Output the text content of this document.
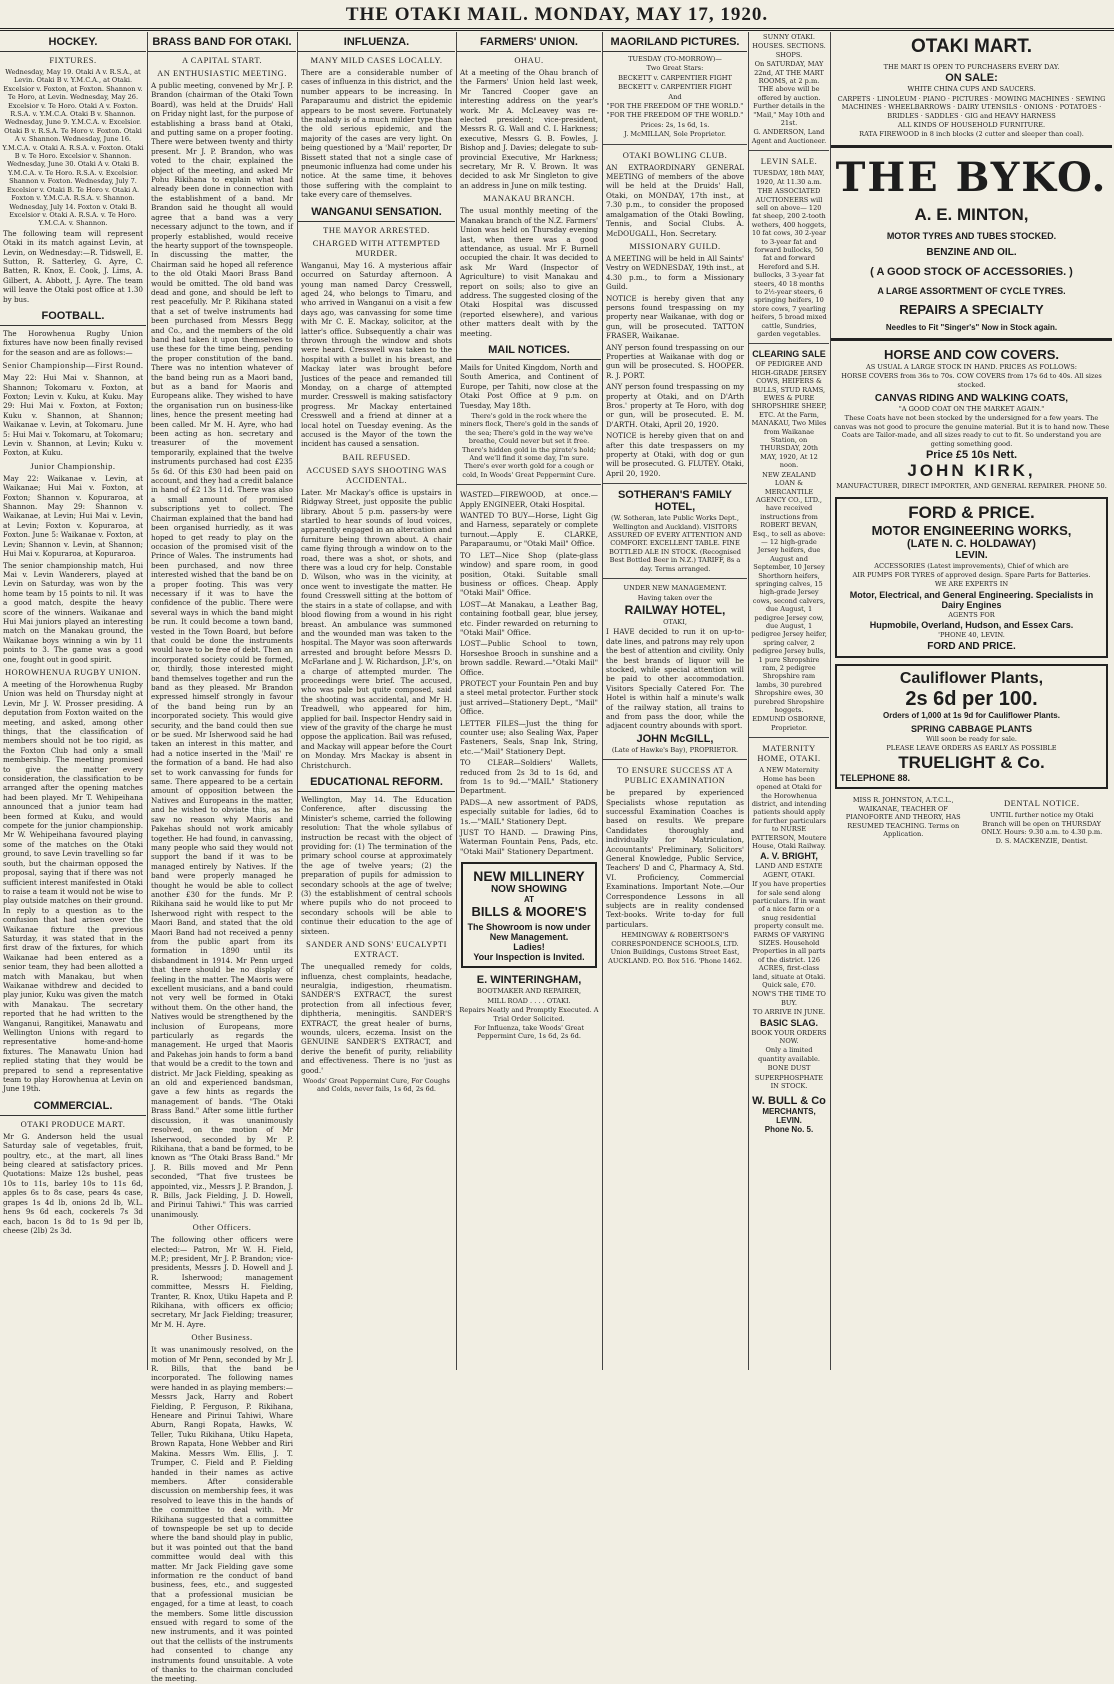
THE OTAKI MAIL. MONDAY, MAY 17, 1920.
HOCKEY.
FIXTURES.

Wednesday, May 19. Otaki A v. R.S.A., at Levin. Otaki B v. Y.M.C.A., at Otaki. Excelsior v. Foxton, at Foxton. Shannon v. Te Horo, at Levin. Wednesday, May 26. Excelsior v. Te Horo. Otaki A v. Foxton. R.S.A. v. Y.M.C.A. Otaki B v. Shannon. Wednesday, June 9. Y.M.C.A. v. Excelsior. Otaki B v. R.S.A. Te Horo v. Foxton. Otaki A v. Shannon. Wednesday, June 16. Y.M.C.A. v. Otaki A. R.S.A. v. Foxton. Otaki B v. Te Horo. Excelsior v. Shannon. Wednesday, June 30. Otaki A v. Otaki B. Y.M.C.A. v. Te Horo. R.S.A. v. Excelsior. Shannon v. Foxton. Wednesday, July 7. Excelsior v. Otaki B. Te Horo v. Otaki A. Foxton v. Y.M.C.A. R.S.A. v. Shannon. Wednesday, July 14. Foxton v. Otaki B. Excelsior v. Otaki A. R.S.A. v. Te Horo. Y.M.C.A. v. Shannon.

The following team will represent Otaki in its match against Levin, at Levin, on Wednesday:—R. Tidswell, E. Sutton, R. Satterley, G. Ayre, C. Batten, R. Knox, E. Cook, J. Lims, A. Gilbert, A. Abbott, J. Ayre. The team will leave the Otaki post office at 1.30 by bus.

FOOTBALL.

The Horowhenua Rugby Union fixtures have now been finally revised for the season and are as follows:—

Senior Championship—First Round.

May 22: Hui Mai v. Shannon, at Shannon; Tokomaru v. Foxton, at Foxton; Levin v. Kuku, at Kuku. May 29: Hui Mai v. Foxton, at Foxton; Kuku v. Shannon, at Shannon; Waikanae v. Levin, at Tokomaru. June 5: Hui Mai v. Tokomaru, at Tokomaru; Levin v. Shannon, at Levin; Kuku v. Foxton, at Kuku.

Junior Championship.

May 22: Waikanae v. Levin, at Waikanae; Hui Mai v. Foxton, at Foxton; Shannon v. Kopuraroa, at Shannon. May 29: Shannon v. Waikanae, at Levin; Hui Mai v. Levin, at Levin; Foxton v. Kopuraroa, at Foxton. June 5: Waikanae v. Foxton, at Levin; Shannon v. Levin, at Shannon; Hui Mai v. Kopuraroa, at Kopuraroa.

The senior championship match, Hui Mai v. Levin Wanderers, played at Levin on Saturday, was won by the home team by 15 points to nil. It was a good match, despite the heavy score of the winners. Waikanae and Hui Mai juniors played an interesting match on the Manakau ground, the Waikanae boys winning a win by 11 points to 3. The game was a good one, fought out in good spirit.

HOROWHENUA RUGBY UNION.

A meeting of the Horowhenua Rugby Union was held on Thursday night at Levin, Mr J. W. Prosser presiding. A deputation from Foxton waited on the meeting, and asked, among other things, that the classification of members should not be too rigid, as the Foxton Club had only a small membership. The meeting promised to give the matter every consideration, the classification to be arranged after the opening matches had been played. Mr T. Wehipeihana announced that a junior team had been formed at Kuku, and would compete for the junior championship. Mr W. Wehipeihana favoured playing some of the matches on the Otaki ground, to save Levin travelling so far south, but the chairman opposed the proposal, saying that if there was not sufficient interest manifested in Otaki to raise a team it would not be wise to play outside matches on their ground. In reply to a question as to the confusion that had arisen over the Waikanae fixture the previous Saturday, it was stated that in the first draw of the fixtures, for which Waikanae had been entered as a senior team, they had been allotted a match with Manakau, but when Waikanae withdrew and decided to play junior, Kuku was given the match with Manakau. The secretary reported that he had written to the Wanganui, Rangitikei, Manawatu and Wellington Unions with regard to representative home-and-home fixtures. The Manawatu Union had replied stating that they would be prepared to send a representative team to play Horowhenua at Levin on June 19th.

COMMERCIAL.
OTAKI PRODUCE MART.

Mr G. Anderson held the usual Saturday sale of vegetables, fruit, poultry, etc., at the mart, all lines being cleared at satisfactory prices. Quotations: Maize 12s bushel, peas 10s to 11s, barley 10s to 11s 6d, apples 6s to 8s case, pears 4s case, grapes 1s 4d lb, onions 2d lb, W.L. hens 9s 6d each, cockerels 7s 3d each, bacon 1s 8d to 1s 9d per lb, cheese (2lb) 2s 3d.

BRASS BAND FOR OTAKI.
A CAPITAL START.
AN ENTHUSIASTIC MEETING.

A public meeting, convened by Mr J. P. Brandon (chairman of the Otaki Town Board), was held at the Druids' Hall on Friday night last, for the purpose of establishing a brass band at Otaki, and putting same on a proper footing. There were between twenty and thirty present. Mr J. P. Brandon, who was voted to the chair, explained the object of the meeting, and asked Mr Pohu Rikihana to explain what had already been done in connection with the establishment of a band. Mr Brandon said he thought all would agree that a band was a very necessary adjunct to the town, and if properly established, would receive the hearty support of the townspeople. In discussing the matter, the Chairman said he hoped all reference to the old Otaki Maori Brass Band would be omitted. The old band was dead and gone, and should be left to rest peacefully. Mr P. Rikihana stated that a set of twelve instruments had been purchased from Messrs Begg and Co., and the members of the old band had taken it upon themselves to use these for the time being, pending the proper constitution of the band. There was no intention whatever of the band being run as a Maori band, but as a band for Maoris and Europeans alike. They wished to have the organisation run on business-like lines, hence the present meeting had been called. Mr M. H. Ayre, who had been acting as hon. secretary and treasurer of the movement temporarily, explained that the twelve instruments purchased had cost £235 5s 6d. Of this £30 had been paid on account, and they had a credit balance in hand of £2 13s 11d. There was also a small amount of promised subscriptions yet to collect. The Chairman explained that the band had been organised hurriedly, as it was hoped to get ready to play on the occasion of the promised visit of the Prince of Wales. The instruments had been purchased, and now three interested wished that the band be on a proper footing. This was very necessary if it was to have the confidence of the public. There were several ways in which the band might be run. It could become a town band, vested in the Town Board, but before that could be done the instruments would have to be free of debt. Then an incorporated society could be formed, or, thirdly, those interested might band themselves together and run the band as they pleased. Mr Brandon expressed himself strongly in favour of the band being run by an incorporated society. This would give security, and the band could then sue or be sued. Mr Isherwood said he had taken an interest in this matter, and had a notice inserted in the 'Mail' re the formation of a band. He had also set to work canvassing for funds for same. There appeared to be a certain amount of opposition between the Natives and Europeans in the matter, and he wished to obviate this, as he saw no reason why Maoris and Pakehas should not work amicably together. He had found, in canvassing, many people who said they would not support the band if it was to be managed entirely by Natives. If the band were properly managed he thought he would be able to collect another £30 for the funds. Mr P. Rikihana said he would like to put Mr Isherwood right with respect to the Maori Band, and stated that the old Maori Band had not received a penny from the public apart from its formation in 1890 until its disbandment in 1914. Mr Penn urged that there should be no display of feeling in the matter. The Maoris were excellent musicians, and a band could not very well be formed in Otaki without them. On the other hand, the Natives would be strengthened by the inclusion of Europeans, more particularly as regards the management. He urged that Maoris and Pakehas join hands to form a band that would be a credit to the town and district. Mr Jack Fielding, speaking as an old and experienced bandsman, gave a few hints as regards the management of bands. "The Otaki Brass Band." After some little further discussion, it was unanimously resolved, on the motion of Mr Isherwood, seconded by Mr P. Rikihana, that a band be formed, to be known as "The Otaki Brass Band." Mr J. R. Bills moved and Mr Penn seconded, "That five trustees be appointed, viz., Messrs J. P. Brandon, J. R. Bills, Jack Fielding, J. D. Howell, and Pirinui Tahiwi." This was carried unanimously.

Other Officers.

The following other officers were elected:— Patron, Mr W. H. Field, M.P.; president, Mr J. P. Brandon; vice-presidents, Messrs J. D. Howell and J. R. Isherwood; management committee, Messrs H. Fielding, Tranter, R. Knox, Utiku Hapeta and P. Rikihana, with officers ex officio; secretary, Mr Jack Fielding; treasurer, Mr M. H. Ayre.

Other Business.

It was unanimously resolved, on the motion of Mr Penn, seconded by Mr J. R. Bills, that the band be incorporated. The following names were handed in as playing members:—Messrs Jack, Harry and Robert Fielding, P. Ferguson, P. Rikihana, Heneare and Pirinui Tahiwi, Whare Aburn, Rangi Ropata, Hawks, W. Teller, Tuku Rikihana, Utiku Hapeta, Brown Rapata, Hone Webber and Riri Makina. Messrs Wm. Ellis, J. T. Trumper, C. Field and P. Fielding handed in their names as active members. After considerable discussion on membership fees, it was resolved to leave this in the hands of the committee to deal with. Mr Rikihana suggested that a committee of townspeople be set up to decide where the band should play in public, but it was pointed out that the band committee would deal with this matter. Mr Jack Fielding gave some information re the conduct of band business, fees, etc., and suggested that a professional musician be engaged, for a time at least, to coach the members. Some little discussion ensued with regard to some of the new instruments, and it was pointed out that the cellists of the instruments had consented to change any instruments found unsuitable. A vote of thanks to the chairman concluded the meeting.

INFLUENZA.
MANY MILD CASES LOCALLY.

There are a considerable number of cases of influenza in this district, and the number appears to be increasing. In Paraparaumu and district the epidemic appears to be most severe. Fortunately the malady is of a much milder type than the old serious epidemic, and the majority of the cases are very light. On being questioned by a 'Mail' reporter, Dr Bissett stated that not a single case of pneumonic influenza had come under his notice. At the same time, it behoves those suffering with the complaint to take every care of themselves.

WANGANUI SENSATION.
THE MAYOR ARRESTED.
CHARGED WITH ATTEMPTED MURDER.

Wanganui, May 16. A mysterious affair occurred on Saturday afternoon. A young man named Darcy Cresswell, aged 24, who belongs to Timaru, and who arrived in Wanganui on a visit a few days ago, was canvassing for some time with Mr C. E. Mackay, solicitor, at the latter's office. Subsequently a chair was thrown through the window and shots were heard. Cresswell was taken to the hospital with a bullet in his breast, and Mackay later was brought before Justices of the peace and remanded till Monday, on a charge of attempted murder. Cresswell is making satisfactory progress. Mr Mackay entertained Cresswell and a friend at dinner at a local hotel on Tuesday evening. As the accused is the Mayor of the town the incident has caused a sensation.

BAIL REFUSED.
ACCUSED SAYS SHOOTING WAS ACCIDENTAL.

Later. Mr Mackay's office is upstairs in Ridgway Street, just opposite the public library. About 5 p.m. passers-by were startled to hear sounds of loud voices, apparently engaged in an altercation and furniture being thrown about. A chair came flying through a window on to the road, there was a shot, or shots, and there was a loud cry for help. Constable D. Wilson, who was in the vicinity, at once went to investigate the matter. He found Cresswell sitting at the bottom of the stairs in a state of collapse, and with blood flowing from a wound in his right breast. An ambulance was summoned and the wounded man was taken to the hospital. The Mayor was soon afterwards arrested and brought before Messrs D. McFarlane and J. W. Richardson, J.P.'s, on a charge of attempted murder. The proceedings were brief. The accused, who was pale but quite composed, said the shooting was accidental, and Mr H. Treadwell, who appeared for him, applied for bail. Inspector Hendry said in view of the gravity of the charge he must oppose the application. Bail was refused, and Mackay will appear before the Court on Monday. Mrs Mackay is absent in Christchurch.

EDUCATIONAL REFORM.

Wellington, May 14. The Education Conference, after discussing the Minister's scheme, carried the following resolution: That the whole syllabus of instruction be recast with the object of providing for: (1) The termination of the primary school course at approximately the age of twelve years; (2) the preparation of pupils for admission to secondary schools at the age of twelve; (3) the establishment of central schools where pupils who do not proceed to secondary schools will be able to continue their education to the age of sixteen.

SANDER AND SONS' EUCALYPTI EXTRACT.

The unequalled remedy for colds, influenza, chest complaints, headache, neuralgia, indigestion, rheumatism. SANDER'S EXTRACT, the surest protection from all infectious fever, diphtheria, meningitis. SANDER'S EXTRACT, the great healer of burns, wounds, ulcers, eczema. Insist on the GENUINE SANDER'S EXTRACT, and derive the benefit of purity, reliability and effectiveness. There is no 'just as good.'

Woods' Great Peppermint Cure, For Coughs and Colds, never fails, 1s 6d, 2s 6d.

FARMERS' UNION.
OHAU.

At a meeting of the Ohau branch of the Farmers' Union held last week, Mr Tancred Cooper gave an interesting address on the year's work. Mr A. McLeavey was re-elected president; vice-president, Messrs R. G. Wall and C. I. Harkness; executive, Messrs G. B. Fowles, J. Bishop and J. Davies; delegate to sub-provincial Executive, Mr Harkness; secretary, Mr R. V. Brown. It was decided to ask Mr Singleton to give an address in June on milk testing.

MANAKAU BRANCH.

The usual monthly meeting of the Manakau branch of the N.Z. Farmers' Union was held on Thursday evening last, when there was a good attendance, as usual. Mr F. Burnell occupied the chair. It was decided to ask Mr Ward (Inspector of Agriculture) to visit Manakau and report on soils; also to give an address. The suggested closing of the Otaki Hospital was discussed (reported elsewhere), and various other matters dealt with by the meeting.

MAIL NOTICES.

Mails for United Kingdom, North and South America, and Continent of Europe, per Tahiti, now close at the Otaki Post Office at 9 p.m. on Tuesday, May 18th.

There's gold in the rock where the miners flock, There's gold in the sands of the sea; There's gold in the way we've breathe, Could never but set it free. There's hidden gold in the pirate's hold; And we'll find it some day, I'm sure. There's ever worth gold for a cough or cold, In Woods' Great Peppermint Cure.

WASTED—FIREWOOD, at once.—Apply ENGINEER, Otaki Hospital.

WANTED TO BUY—Horse, Light Gig and Harness, separately or complete turnout.—Apply E. CLARKE, Paraparaumu, or "Otaki Mail" Office.

TO LET—Nice Shop (plate-glass window) and spare room, in good position, Otaki. Suitable small business or offices. Cheap. Apply "Otaki Mail" Office.

LOST—At Manakau, a Leather Bag, containing football gear, blue jersey, etc. Finder rewarded on returning to "Otaki Mail" Office.

LOST—Public School to town, Horseshoe Brooch in sunshine and a brown saddle. Reward.—"Otaki Mail" Office.

PROTECT your Fountain Pen and buy a steel metal protector. Further stock just arrived—Stationery Dept., "Mail" Office.

LETTER FILES—Just the thing for counter use; also Sealing Wax, Paper Fasteners, Seals, Snap Ink, String, etc.—"Mail" Stationery Dept.

TO CLEAR—Soldiers' Wallets, reduced from 2s 3d to 1s 6d, and from 1s to 9d.—"MAIL" Stationery Department.

PADS—A new assortment of PADS, especially suitable for ladies, 6d to 1s.—"MAIL" Stationery Dept.

JUST TO HAND. — Drawing Pins, Waterman Fountain Pens, Pads, etc. "Otaki Mail" Stationery Department.

NEW MILLINERY
NOW SHOWING
AT
BILLS & MOORE'S
The Showroom is now under New Management.
Ladies!
Your Inspection is Invited.
E. WINTERINGHAM,

BOOTMAKER AND REPAIRER,

MILL ROAD . . . . OTAKI.

Repairs Neatly and Promptly Executed. A Trial Order Solicited.

For Influenza, take Woods' Great Peppermint Cure, 1s 6d, 2s 6d.

MAORILAND PICTURES.

TUESDAY (TO-MORROW)—

Two Great Stars:

BECKETT v. CARPENTIER FIGHT

BECKETT v. CARPENTIER FIGHT

And

"FOR THE FREEDOM OF THE WORLD."

"FOR THE FREEDOM OF THE WORLD."

Prices: 2s, 1s 6d, 1s.

J. McMILLAN, Sole Proprietor.

OTAKI BOWLING CLUB.

AN EXTRAORDINARY GENERAL MEETING of members of the above will be held at the Druids' Hall, Otaki, on MONDAY, 17th inst., at 7.30 p.m., to consider the proposed amalgamation of the Otaki Bowling, Tennis, and Social Clubs. A. McDOUGALL, Hon. Secretary.

MISSIONARY GUILD.

A MEETING will be held in All Saints' Vestry on WEDNESDAY, 19th inst., at 4.30 p.m., to form a Missionary Guild.

NOTICE is hereby given that any persons found trespassing on my property near Waikanae, with dog or gun, will be prosecuted. TATTON FRASER, Waikanae.

ANY person found trespassing on our Properties at Waikanae with dog or gun will be prosecuted. S. HOOPER. R. J. PORT.

ANY person found trespassing on my property at Otaki, and on D'Arth Bros.' property at Te Horo, with dog or gun, will be prosecuted. E. M. D'ARTH. Otaki, April 20, 1920.

NOTICE is hereby given that on and after this date trespassers on my property at Otaki, with dog or gun will be prosecuted. G. FLUTEY. Otaki, April 20, 1920.

SOTHERAN'S FAMILY HOTEL,

(W. Sotheran, late Public Works Dept., Wellington and Auckland). VISITORS ASSURED OF EVERY ATTENTION AND COMFORT. EXCELLENT TABLE. FINE BOTTLED ALE IN STOCK. (Recognised Best Bottled Beer in N.Z.) TARIFF, 8s a day. Terms arranged.

UNDER NEW MANAGEMENT.

Having taken over the

RAILWAY HOTEL,

OTAKI,

I HAVE decided to run it on up-to-date lines, and patrons may rely upon the best of attention and civility. Only the best brands of liquor will be stocked, while special attention will be paid to other accommodation. Visitors Specially Catered For. The Hotel is within half a minute's walk of the railway station, all trains to and from pass the door, while the adjacent country abounds with sport.

JOHN McGILL,

(Late of Hawke's Bay), PROPRIETOR.

TO ENSURE SUCCESS AT A PUBLIC EXAMINATION

be prepared by experienced Specialists whose reputation as successful Examination Coaches is based on results. We prepare Candidates thoroughly and individually for Matriculation, Accountants' Preliminary, Solicitors' General Knowledge, Public Service, Teachers' D and C, Pharmacy A, Std. VI. Proficiency, Commercial Examinations. Important Note.—Our Correspondence Lessons in all subjects are in reality condensed Text-books. Write to-day for full particulars.

HEMINGWAY & ROBERTSON'S CORRESPONDENCE SCHOOLS, LTD. Union Buildings, Customs Street East, AUCKLAND. P.O. Box 516. 'Phone 1462.

SUNNY OTAKI.

HOUSES. SECTIONS. SHOPS.

On SATURDAY, MAY 22nd, AT THE MART ROOMS, at 2 p.m. THE above will be offered by auction. Further details in the "Mail," May 10th and 21st.

G. ANDERSON, Land Agent and Auctioneer.

LEVIN SALE.

TUESDAY, 18th MAY, 1920, At 11.30 a.m.

THE ASSOCIATED AUCTIONEERS will sell on above— 120 fat sheep, 200 2-tooth wethers, 400 hoggets, 10 fat cows, 30 2-year to 3-year fat and forward bullocks, 50 fat and forward Hereford and S.H. bullocks, 3 3-year fat steers, 40 18 months to 2½-year steers, 6 springing heifers, 10 store cows, 7 yearling heifers, 5 broad mixed cattle, Sundries, garden vegetables.

CLEARING SALE

OF PEDIGREE AND HIGH-GRADE JERSEY COWS, HEIFERS & BULLS, STUD RAMS, EWES & PURE SHROPSHIRE SHEEP, ETC. At the Farm, MANAKAU, Two Miles from Waikanae Station, on THURSDAY, 20th MAY, 1920, At 12 noon.

NEW ZEALAND LOAN & MERCANTILE AGENCY CO., LTD., have received instructions from ROBERT BEVAN, Esq., to sell as above:— 12 high-grade Jersey heifers, due August and September, 10 Jersey Shorthorn heifers, springing calves, 15 high-grade Jersey cows, second calvers, due August, 1 pedigree Jersey cow, due August, 1 pedigree Jersey heifer, spring calver, 2 pedigree Jersey bulls, 1 pure Shropshire ram, 2 pedigree Shropshire ram lambs, 30 purebred Shropshire ewes, 30 purebred Shropshire hoggets.

EDMUND OSBORNE, Proprietor.

MATERNITY HOME, OTAKI.

A NEW Maternity Home has been opened at Otaki for the Horowhenua district, and intending patients should apply for further particulars to NURSE PATTERSON, Moutere House, Otaki Railway.

A. V. BRIGHT,

LAND AND ESTATE AGENT, OTAKI.

If you have properties for sale send along particulars. If in want of a nice farm or a snug residential property consult me. FARMS OF VARYING SIZES. Household Properties in all parts of the district. 126 ACRES, first-class land, situate at Otaki. Quick sale, £70.

NOW'S THE TIME TO BUY.

TO ARRIVE IN JUNE.

BASIC SLAG.

BOOK YOUR ORDERS NOW.

Only a limited quantity available.

BONE DUST

SUPERPHOSPHATE IN STOCK.

W. BULL & Co
MERCHANTS,
LEVIN.
Phone No. 5.
OTAKI MART.

THE MART IS OPEN TO PURCHASERS EVERY DAY.

ON SALE:

WHITE CHINA CUPS AND SAUCERS.

CARPETS · LINOLEUM · PIANO · PICTURES · MOWING MACHINES · SEWING MACHINES · WHEELBARROWS · DAIRY UTENSILS · ONIONS · POTATOES · BRIDLES · SADDLES · GIG and HEAVY HARNESS

ALL KINDS OF HOUSEHOLD FURNITURE.

RATA FIREWOOD in 8 inch blocks (2 cutter and sleeper than coal).

THE BYKO.
A. E. MINTON,
MOTOR TYRES AND TUBES STOCKED.
BENZINE AND OIL.
( A GOOD STOCK OF ACCESSORIES. )
A LARGE ASSORTMENT OF CYCLE TYRES.
REPAIRS A SPECIALTY
Needles to Fit "Singer's" Now in Stock again.
HORSE AND COW COVERS.

AS USUAL A LARGE STOCK IN HAND. PRICES AS FOLLOWS:

HORSE COVERS from 36s to 70s. COW COVERS from 17s 6d to 40s. All sizes stocked.

CANVAS RIDING AND WALKING COATS,

"A GOOD COAT ON THE MARKET AGAIN."

These Coats have not been stocked by the undersigned for a few years. The canvas was not good to procure the genuine material. But it is to hand now. These Coats are Tailor-made, and all sizes ready to cut to fit. So understand you are getting something good.

Price £5 10s Nett.
JOHN KIRK,

MANUFACTURER, DIRECT IMPORTER, AND GENERAL REPAIRER. PHONE 50.

FORD & PRICE.
MOTOR ENGINEERING WORKS,
(LATE N. C. HOLDAWAY)
LEVIN.

ACCESSORIES (Latest improvements), Chief of which are

AIR PUMPS FOR TYRES of approved design. Spare Parts for Batteries.

WE ARE EXPERTS IN

Motor, Electrical, and General Engineering. Specialists in Dairy Engines

AGENTS FOR

Hupmobile, Overland, Hudson, and Essex Cars.

'PHONE 40, LEVIN.

FORD AND PRICE.
Cauliflower Plants,
2s 6d per 100.
Orders of 1,000 at 1s 9d for Cauliflower Plants.
SPRING CABBAGE PLANTS

Will soon be ready for sale.

PLEASE LEAVE ORDERS AS EARLY AS POSSIBLE

TRUELIGHT & Co.
TELEPHONE 88.

MISS R. JOHNSTON, A.T.C.L., WAIKANAE, TEACHER OF PIANOFORTE AND THEORY, HAS RESUMED TEACHING. Terms on Application.

DENTAL NOTICE.

UNTIL further notice my Otaki Branch will be open on THURSDAY ONLY. Hours: 9.30 a.m. to 4.30 p.m. D. S. MACKENZIE, Dentist.
